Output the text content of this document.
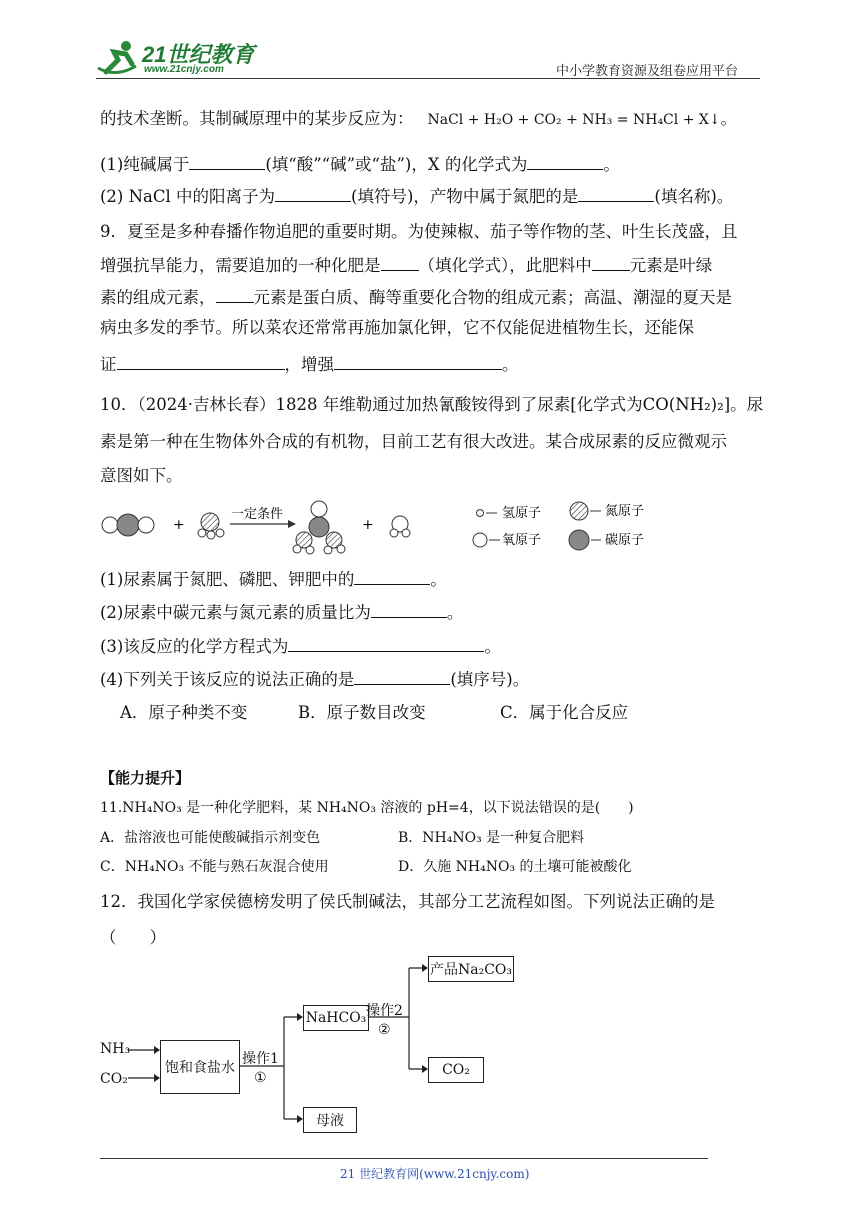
21世纪教育
www.21cnjy.com	中小学教育资源及组卷应用平台
的技术垄断。其制碱原理中的某步反应为： NaCl + H₂O + CO₂ + NH₃ = NH₄Cl + X↓。
(1)纯碱属于	(填“酸”“碱”或“盐”)，X 的化学式为	。
(2) NaCl 中的阳离子为	(填符号)，产物中属于氮肥的是	(填名称)。
9．夏至是多种春播作物追肥的重要时期。为使辣椒、茄子等作物的茎、叶生长茂盛，且
增强抗旱能力，需要追加的一种化肥是 （填化学式），此肥料中 元素是叶绿
素的组成元素， 元素是蛋白质、酶等重要化合物的组成元素；高温、潮湿的夏天是
病虫多发的季节。所以菜农还常常再施加氯化钾，它不仅能促进植物生长，还能保
证	，增强	。
10．（2024·吉林长春）1828 年维勒通过加热氰酸铵得到了尿素[化学式为CO(NH₂)₂]。尿
素是第一种在生物体外合成的有机物，目前工艺有很大改进。某合成尿素的反应微观示
意图如下。
+
一定条件
+
氢原子	氮原子
氧原子	碳原子
(1)尿素属于氮肥、磷肥、钾肥中的	。
(2)尿素中碳元素与氮元素的质量比为	。
(3)该反应的化学方程式为	。
(4)下列关于该反应的说法正确的是	(填序号)。
A．原子种类不变	B．原子数目改变	C．属于化合反应
【能力提升】
11.NH₄NO₃ 是一种化学肥料，某 NH₄NO₃ 溶液的 pH=4，以下说法错误的是(　　)
A．盐溶液也可能使酸碱指示剂变色	B．NH₄NO₃ 是一种复合肥料
C．NH₄NO₃ 不能与熟石灰混合使用	D．久施 NH₄NO₃ 的土壤可能被酸化
12．我国化学家侯德榜发明了侯氏制碱法，其部分工艺流程如图。下列说法正确的是
（　　）
NH₃
CO₂
饱和食盐水
操作1
①
NaHCO₃ 操作2
②
产品Na₂CO₃
CO₂
母液
21 世纪教育网(www.21cnjy.com)
